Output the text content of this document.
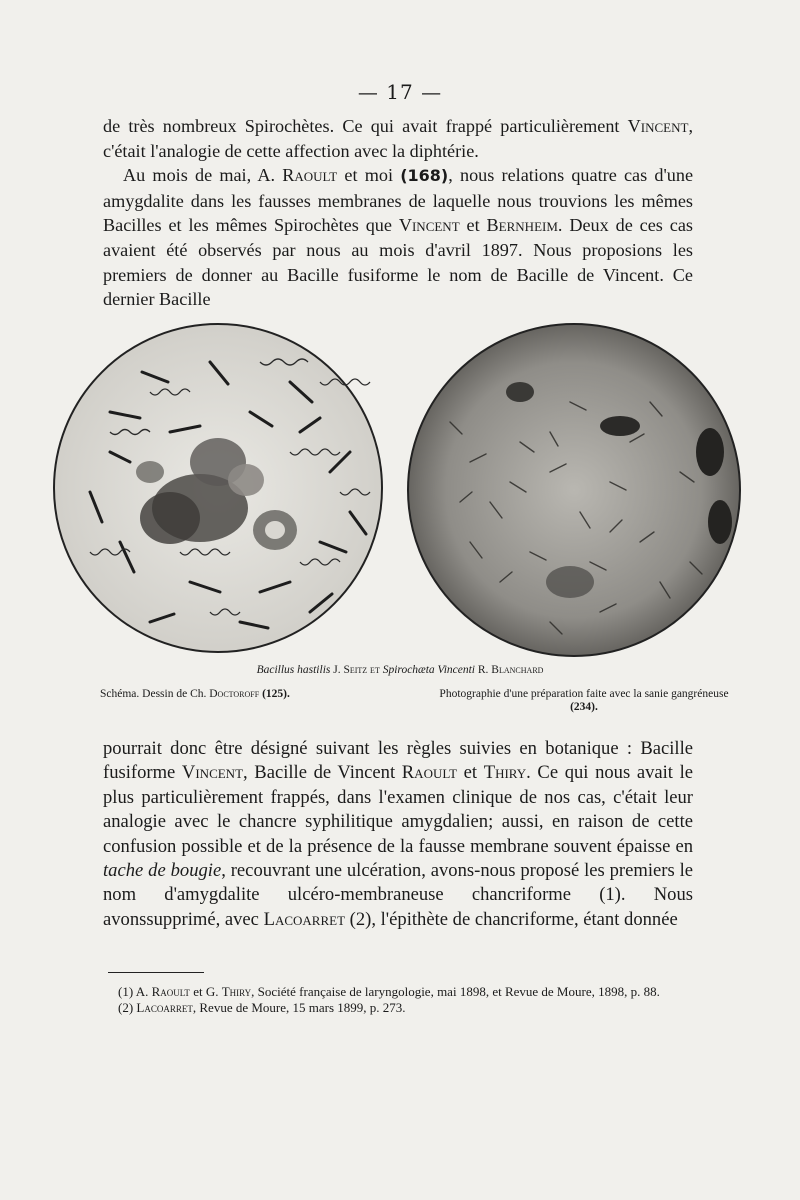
— 17 —

de très nombreux Spirochètes. Ce qui avait frappé particulièrement Vincent, c'était l'analogie de cette affection avec la diphtérie.

Au mois de mai, A. Raoult et moi (168), nous relations quatre cas d'une amygdalite dans les fausses membranes de laquelle nous trouvions les mêmes Bacilles et les mêmes Spirochètes que Vincent et Bernheim. Deux de ces cas avaient été observés par nous au mois d'avril 1897. Nous proposions les premiers de donner au Bacille fusiforme le nom de Bacille de Vincent. Ce dernier Bacille

Bacillus hastilis J. Seitz et Spirochæta Vincenti R. Blanchard
Schéma. Dessin de Ch. Doctoroff (125).	Photographie d'une préparation faite avec la sanie gangréneuse (234).

pourrait donc être désigné suivant les règles suivies en botanique : Bacille fusiforme Vincent, Bacille de Vincent Raoult et Thiry. Ce qui nous avait le plus particulièrement frappés, dans l'examen clinique de nos cas, c'était leur analogie avec le chancre syphilitique amygdalien; aussi, en raison de cette confusion possible et de la présence de la fausse membrane souvent épaisse en tache de bougie, recouvrant une ulcération, avons-nous proposé les premiers le nom d'amygdalite ulcéro-membraneuse chancriforme (1). Nous avonssupprimé, avec Lacoarret (2), l'épithète de chancriforme, étant donnée

(1) A. Raoult et G. Thiry, Société française de laryngologie, mai 1898, et Revue de Moure, 1898, p. 88.

(2) Lacoarret, Revue de Moure, 15 mars 1899, p. 273.
